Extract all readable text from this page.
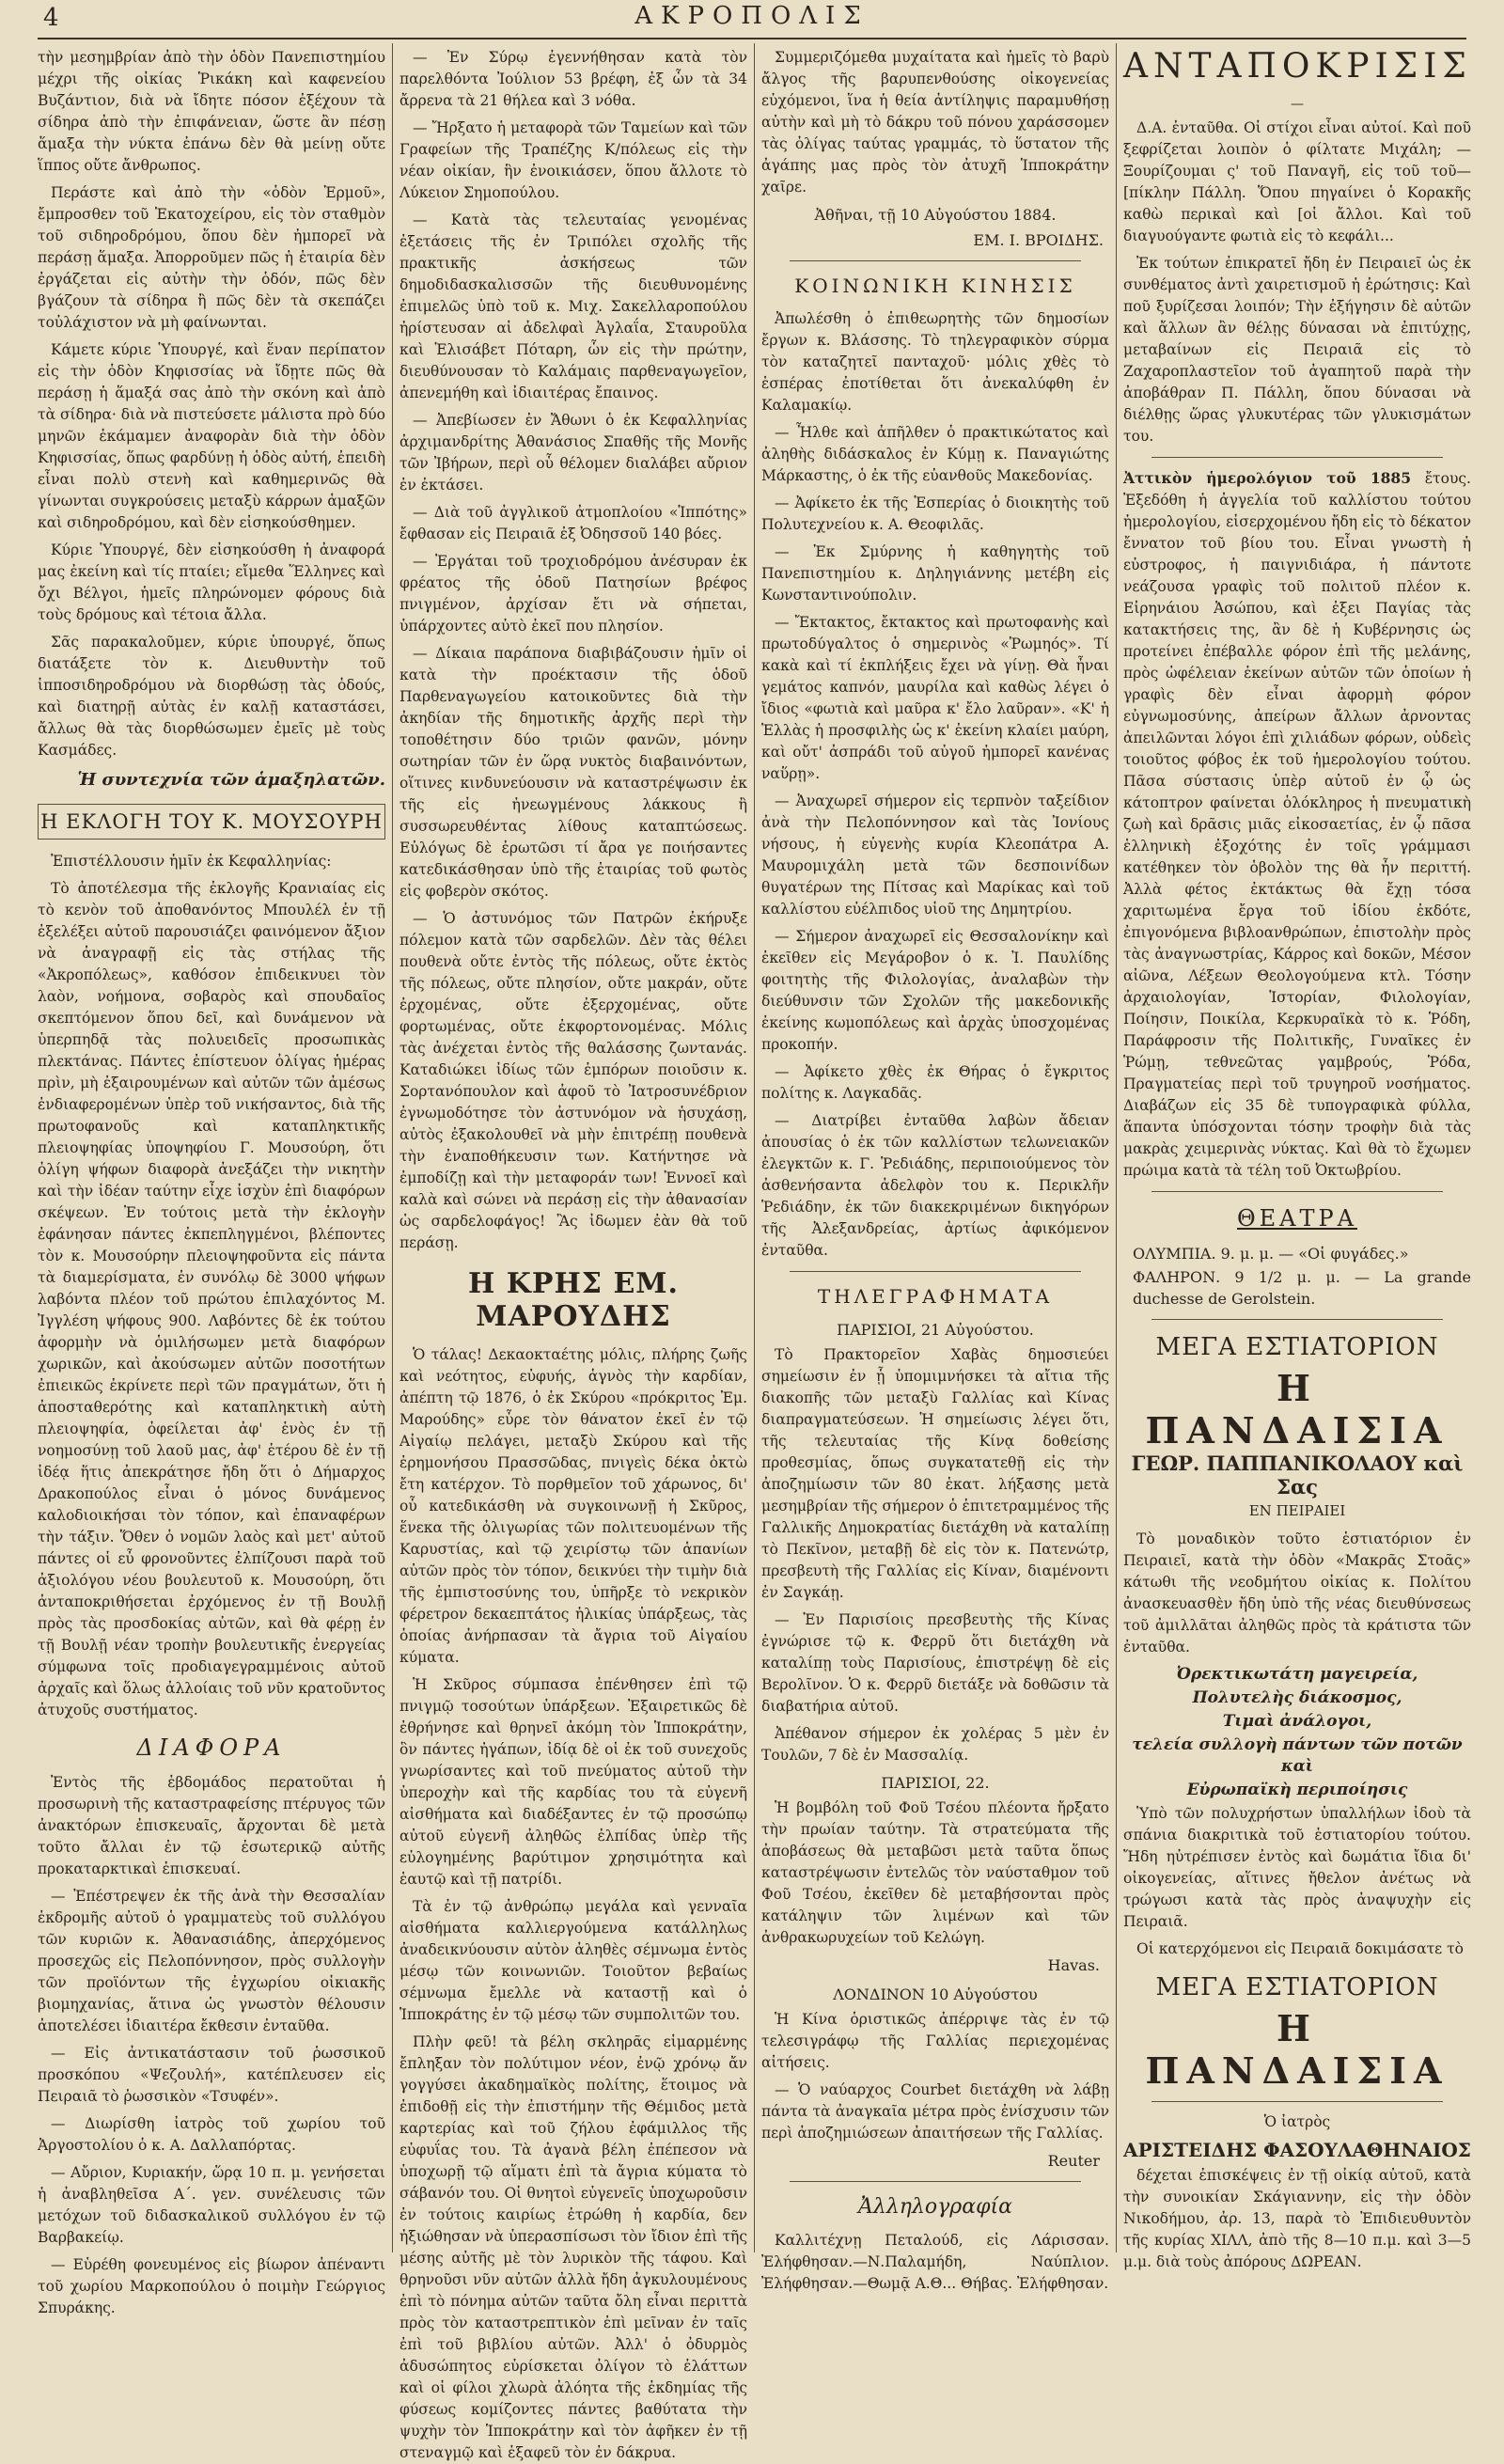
4	ΑΚΡΟΠΟΛΙΣ

τὴν μεσημβρίαν ἀπὸ τὴν ὁδὸν Πανεπιστημίου μέχρι τῆς οἰκίας Ῥικάκη καὶ καφενείου Βυζάντιον, διὰ νὰ ἴδητε πόσον ἐξέχουν τὰ σίδηρα ἀπὸ τὴν ἐπιφάνειαν, ὥστε ἂν πέσῃ ἅμαξα τὴν νύκτα ἐπάνω δὲν θὰ μείνῃ οὔτε ἵππος οὔτε ἄνθρωπος.

Περάστε καὶ ἀπὸ τὴν «ὁδὸν Ἑρμοῦ», ἔμπροσθεν τοῦ Ἑκατοχείρου, εἰς τὸν σταθμὸν τοῦ σιδηροδρόμου, ὅπου δὲν ἠμπορεῖ νὰ περάσῃ ἅμαξα. Ἀπορροῦμεν πῶς ἡ ἑταιρία δὲν ἐργάζεται εἰς αὐτὴν τὴν ὁδόν, πῶς δὲν βγάζουν τὰ σίδηρα ἢ πῶς δὲν τὰ σκεπάζει τοὐλάχιστον νὰ μὴ φαίνωνται.

Κάμετε κύριε Ὑπουργέ, καὶ ἕναν περίπατον εἰς τὴν ὁδὸν Κηφισσίας νὰ ἴδῃτε πῶς θὰ περάσῃ ἡ ἅμαξά σας ἀπὸ τὴν σκόνη καὶ ἀπὸ τὰ σίδηρα· διὰ νὰ πιστεύσετε μάλιστα πρὸ δύο μηνῶν ἐκάμαμεν ἀναφορὰν διὰ τὴν ὁδὸν Κηφισσίας, ὅπως φαρδύνῃ ἡ ὁδὸς αὐτή, ἐπειδὴ εἶναι πολὺ στενὴ καὶ καθημερινῶς θὰ γίνωνται συγκρούσεις μεταξὺ κάρρων ἁμαξῶν καὶ σιδηροδρόμου, καὶ δὲν εἰσηκούσθημεν.

Κύριε Ὑπουργέ, δὲν εἰσηκούσθη ἡ ἀναφορά μας ἐκείνη καὶ τίς πταίει; εἴμεθα Ἕλληνες καὶ ὄχι Βέλγοι, ἡμεῖς πληρώνομεν φόρους διὰ τοὺς δρόμους καὶ τέτοια ἄλλα.

Σᾶς παρακαλοῦμεν, κύριε ὑπουργέ, ὅπως διατάξετε τὸν κ. Διευθυντὴν τοῦ ἱπποσιδηροδρόμου νὰ διορθώσῃ τὰς ὁδούς, καὶ διατηρῇ αὐτὰς ἐν καλῇ καταστάσει, ἄλλως θὰ τὰς διορθώσωμεν ἐμεῖς μὲ τοὺς Κασμάδες.

Ἡ συντεχνία τῶν ἁμαξηλατῶν.

Η ΕΚΛΟΓΗ ΤΟΥ Κ. ΜΟΥΣΟΥΡΗ

Ἐπιστέλλουσιν ἡμῖν ἐκ Κεφαλληνίας:

Τὸ ἀποτέλεσμα τῆς ἐκλογῆς Κρανιαίας εἰς τὸ κενὸν τοῦ ἀποθανόντος Μπουλέλ ἐν τῇ ἐξελέξει αὐτοῦ παρουσιάζει φαινόμενον ἄξιον νὰ ἀναγραφῇ εἰς τὰς στήλας τῆς «Ἀκροπόλεως», καθόσον ἐπιδεικνυει τὸν λαὸν, νοήμονα, σοβαρὸς καὶ σπουδαῖος σκεπτόμενον ὅπου δεῖ, καὶ δυνάμενον νὰ ὑπερπηδᾷ τὰς πολυειδεῖς προσωπικὰς πλεκτάνας. Πάντες ἐπίστευον ὀλίγας ἡμέρας πρὶν, μὴ ἐξαιρουμένων καὶ αὐτῶν τῶν ἀμέσως ἐνδιαφερομένων ὑπὲρ τοῦ νικήσαντος, διὰ τῆς πρωτοφανοῦς καὶ καταπληκτικῆς πλειοψηφίας ὑποψηφίου Γ. Μουσούρη, ὅτι ὁλίγη ψήφων διαφορὰ ἀνεξάζει τὴν νικητὴν καὶ τὴν ἰδέαν ταύτην εἶχε ἰσχὺν ἐπὶ διαφόρων σκέψεων. Ἐν τούτοις μετὰ τὴν ἐκλογὴν ἐφάνησαν πάντες ἐκπεπληγμένοι, βλέποντες τὸν κ. Μουσούρην πλειοψηφοῦντα εἰς πάντα τὰ διαμερίσματα, ἐν συνόλῳ δὲ 3000 ψήφων λαβόντα πλέον τοῦ πρώτου ἐπιλαχόντος Μ. Ἰγγλέση ψήφους 900. Λαβόντες δὲ ἐκ τούτου ἀφορμὴν νὰ ὁμιλήσωμεν μετὰ διαφόρων χωρικῶν, καὶ ἀκούσωμεν αὐτῶν ποσοτήτων ἐπιεικῶς ἐκρίνετε περὶ τῶν πραγμάτων, ὅτι ἡ ἀποσταθερότης καὶ καταπληκτικὴ αὐτὴ πλειοψηφία, ὀφείλεται ἀφ' ἑνὸς ἐν τῇ νοημοσύνῃ τοῦ λαοῦ μας, ἀφ' ἑτέρου δὲ ἐν τῇ ἰδέᾳ ἥτις ἀπεκράτησε ἤδη ὅτι ὁ Δήμαρχος Δρακοπούλος εἶναι ὁ μόνος δυνάμενος καλοδιοικήσαι τὸν τόπον, καὶ ἐπαναφέρων τὴν τάξιν. Ὅθεν ὁ νομῶν λαὸς καὶ μετ' αὐτοῦ πάντες οἱ εὖ φρονοῦντες ἐλπίζουσι παρὰ τοῦ ἀξιολόγου νέου βουλευτοῦ κ. Μουσούρη, ὅτι ἀνταποκριθήσεται ἐρχόμενος ἐν τῇ Βουλῇ πρὸς τὰς προσδοκίας αὐτῶν, καὶ θὰ φέρῃ ἐν τῇ Βουλῇ νέαν τροπὴν βουλευτικῆς ἐνεργείας σύμφωνα τοῖς προδιαγεγραμμένοις αὐτοῦ ἀρχαῖς καὶ ὅλως ἀλλοίαις τοῦ νῦν κρατοῦντος ἀτυχοῦς συστήματος.

ΔΙΑΦΟΡΑ

Ἐντὸς τῆς ἑβδομάδος περατοῦται ἡ προσωρινὴ τῆς καταστραφείσης πτέρυγος τῶν ἀνακτόρων ἐπισκευαῖς, ἄρχονται δὲ μετὰ τοῦτο ἄλλαι ἐν τῷ ἐσωτερικῷ αὐτῆς προκαταρκτικαὶ ἐπισκευαί.

— Ἐπέστρεψεν ἐκ τῆς ἀνὰ τὴν Θεσσαλίαν ἐκδρομῆς αὐτοῦ ὁ γραμματεὺς τοῦ συλλόγου τῶν κυριῶν κ. Ἀθανασιάδης, ἀπερχόμενος προσεχῶς εἰς Πελοπόννησον, πρὸς συλλογὴν τῶν προϊόντων τῆς ἐγχωρίου οἰκιακῆς βιομηχανίας, ἅτινα ὡς γνωστὸν θέλουσιν ἀποτελέσει ἰδιαιτέρα ἔκθεσιν ἐνταῦθα.

— Εἰς ἀντικατάστασιν τοῦ ῥωσσικοῦ προσκόπου «Ψεζουλή», κατέπλευσεν εἰς Πειραιᾶ τὸ ῥωσσικὸν «Τσυφέν».

— Διωρίσθη ἰατρὸς τοῦ χωρίου τοῦ Ἀργοστολίου ὁ κ. Α. Δαλλαπόρτας.

— Αὔριον, Κυριακήν, ὥρᾳ 10 π. μ. γενήσεται ἡ ἀναβληθεῖσα Α΄. γεν. συνέλευσις τῶν μετόχων τοῦ διδασκαλικοῦ συλλόγου ἐν τῷ Βαρβακείῳ.

— Εὑρέθη φονευμένος εἰς βίωρον ἀπέναντι τοῦ χωρίου Μαρκοπούλου ὁ ποιμὴν Γεώργιος Σπυράκης.

— Ἐν Σύρῳ ἐγεννήθησαν κατὰ τὸν παρελθόντα Ἰούλιον 53 βρέφη, ἐξ ὧν τὰ 34 ἄρρενα τὰ 21 θήλεα καὶ 3 νόθα.

— Ἤρξατο ἡ μεταφορὰ τῶν Ταμείων καὶ τῶν Γραφείων τῆς Τραπέζης Κ/πόλεως εἰς τὴν νέαν οἰκίαν, ἣν ἐνοικιάσεν, ὅπου ἄλλοτε τὸ Λύκειον Σημοπούλου.

— Κατὰ τὰς τελευταίας γενομένας ἐξετάσεις τῆς ἐν Τριπόλει σχολῆς τῆς πρακτικῆς ἀσκήσεως τῶν δημοδιδασκαλισσῶν τῆς διευθυνομένης ἐπιμελῶς ὑπὸ τοῦ κ. Μιχ. Σακελλαροπούλου ἠρίστευσαν αἱ ἀδελφαὶ Ἀγλαΐα, Σταυροῦλα καὶ Ἐλισάβετ Πόταρη, ὧν εἰς τὴν πρώτην, διευθύνουσαν τὸ Καλάμαις παρθεναγωγεῖον, ἀπενεμήθη καὶ ἰδιαιτέρας ἔπαινος.

— Ἀπεβίωσεν ἐν Ἄθωνι ὁ ἐκ Κεφαλληνίας ἀρχιμανδρίτης Ἀθανάσιος Σπαθῆς τῆς Μονῆς τῶν Ἰβήρων, περὶ οὗ θέλομεν διαλάβει αὔριον ἐν ἐκτάσει.

— Διὰ τοῦ ἀγγλικοῦ ἀτμοπλοίου «Ἱππότης» ἔφθασαν εἰς Πειραιᾶ ἐξ Ὀδησσοῦ 140 βόες.

— Ἐργάται τοῦ τροχιοδρόμου ἀνέσυραν ἐκ φρέατος τῆς ὁδοῦ Πατησίων βρέφος πνιγμένον, ἀρχίσαν ἔτι νὰ σήπεται, ὑπάρχοντες αὐτὸ ἐκεῖ που πλησίον.

— Δίκαια παράπονα διαβιβάζουσιν ἡμῖν οἱ κατὰ τὴν προέκτασιν τῆς ὁδοῦ Παρθεναγωγείου κατοικοῦντες διὰ τὴν ἀκηδίαν τῆς δημοτικῆς ἀρχῆς περὶ τὴν τοποθέτησιν δύο τριῶν φανῶν, μόνην σωτηρίαν τῶν ἐν ὥρᾳ νυκτὸς διαβαινόντων, οἵτινες κινδυνεύουσιν νὰ καταστρέψωσιν ἐκ τῆς εἰς ἠνεωγμένους λάκκους ἢ συσσωρευθέντας λίθους καταπτώσεως. Εὐλόγως δὲ ἐρωτῶσι τί ἄρα γε ποιήσαντες κατεδικάσθησαν ὑπὸ τῆς ἑταιρίας τοῦ φωτὸς εἰς φοβερὸν σκότος.

— Ὁ ἀστυνόμος τῶν Πατρῶν ἐκήρυξε πόλεμον κατὰ τῶν σαρδελῶν. Δὲν τὰς θέλει πουθενὰ οὔτε ἐντὸς τῆς πόλεως, οὔτε ἐκτὸς τῆς πόλεως, οὔτε πλησίον, οὔτε μακράν, οὔτε ἐρχομένας, οὔτε ἐξερχομένας, οὔτε φορτωμένας, οὔτε ἐκφορτονομένας. Μόλις τὰς ἀνέχεται ἐντὸς τῆς θαλάσσης ζωντανάς. Καταδιώκει ἰδίως τῶν ἐμπόρων ποιοῦσιν κ. Σορτανόπουλον καὶ ἀφοῦ τὸ Ἰατροσυνέδριον ἐγνωμοδότησε τὸν ἀστυνόμον νὰ ἡσυχάσῃ, αὐτὸς ἐξακολουθεῖ νὰ μὴν ἐπιτρέπῃ πουθενὰ τὴν ἐναποθήκευσιν των. Κατήντησε νὰ ἐμποδίζῃ καὶ τὴν μεταφοράν των! Ἐννοεῖ καὶ καλὰ καὶ σώνει νὰ περάσῃ εἰς τὴν ἀθανασίαν ὡς σαρδελοφάγος! Ἂς ἰδωμεν ἐὰν θὰ τοῦ περάσῃ.

Η ΚΡΗΣ ΕΜ. ΜΑΡΟΥΔΗΣ

Ὁ τάλας! Δεκαοκταέτης μόλις, πλήρης ζωῆς καὶ νεότητος, εὐφυής, ἁγνὸς τὴν καρδίαν, ἀπέπτη τῷ 1876, ὁ ἐκ Σκύρου «πρόκριτος Ἐμ. Μαρούδης» εὗρε τὸν θάνατον ἐκεῖ ἐν τῷ Αἰγαίῳ πελάγει, μεταξὺ Σκύρου καὶ τῆς ἐρημονήσου Πρασσῶδας, πνιγεὶς δέκα ὀκτὼ ἔτη κατέρχον. Τὸ πορθμεῖον τοῦ χάρωνος, δι' οὗ κατεδικάσθη νὰ συγκοινωνῇ ἡ Σκῦρος, ἕνεκα τῆς ὀλιγωρίας τῶν πολιτευομένων τῆς Καρυστίας, καὶ τῷ χειρίστῳ τῶν ἁπανίων αὐτῶν πρὸς τὸν τόπον, δεικνύει τὴν τιμὴν διὰ τῆς ἐμπιστοσύνης του, ὑπῆρξε τὸ νεκρικὸν φέρετρον δεκαεπτάτος ἡλικίας ὑπάρξεως, τὰς ὁποίας ἀνήρπασαν τὰ ἄγρια τοῦ Αἰγαίου κύματα.

Ἡ Σκῦρος σύμπασα ἐπένθησεν ἐπὶ τῷ πνιγμῷ τοσούτων ὑπάρξεων. Ἐξαιρετικῶς δὲ ἐθρήνησε καὶ θρηνεῖ ἀκόμη τὸν Ἱπποκράτην, ὃν πάντες ἠγάπων, ἰδίᾳ δὲ οἱ ἐκ τοῦ συνεχοῦς γνωρίσαντες καὶ τοῦ πνεύματος αὐτοῦ τὴν ὑπεροχὴν καὶ τῆς καρδίας του τὰ εὐγενῆ αἰσθήματα καὶ διαδέξαντες ἐν τῷ προσώπῳ αὐτοῦ εὐγενῆ ἀληθῶς ἐλπίδας ὑπὲρ τῆς εὐλογημένης βαρύτιμον χρησιμότητα καὶ ἑαυτῷ καὶ τῇ πατρίδι.

Τὰ ἐν τῷ ἀνθρώπῳ μεγάλα καὶ γενναῖα αἰσθήματα καλλιεργούμενα κατάλληλως ἀναδεικνύουσιν αὐτὸν ἀληθὲς σέμνωμα ἐντὸς μέσῳ τῶν κοινωνιῶν. Τοιοῦτον βεβαίως σέμνωμα ἔμελλε νὰ καταστῇ καὶ ὁ Ἱπποκράτης ἐν τῷ μέσῳ τῶν συμπολιτῶν του.

Πλὴν φεῦ! τὰ βέλη σκληρᾶς εἱμαρμένης ἔπληξαν τὸν πολύτιμον νέον, ἐνῷ χρόνῳ ἄν γογγύσει ἀκαδημαϊκὸς πολίτης, ἕτοιμος νὰ ἐπιδοθῇ εἰς τὴν ἐπιστήμην τῆς Θέμιδος μετὰ καρτερίας καὶ τοῦ ζήλου ἐφάμιλλος τῆς εὐφυΐας του. Τὰ ἀγανὰ βέλη ἐπέπεσον νὰ ὑποχωρῇ τῷ αἵματι ἐπὶ τὰ ἄγρια κύματα τὸ σάβανόν του. Οἱ θνητοὶ εὐγενεῖς ὑποχωροῦσιν ἐν τούτοις καιρίως ἐτρώθη ἡ καρδία, δεν ἠξιώθησαν νὰ ὑπερασπίσωσι τὸν ἴδιον ἐπὶ τῆς μέσης αὐτῆς μὲ τὸν λυρικὸν τῆς τάφου. Καὶ θρηνοῦσι νῦν αὐτῶν ἀλλὰ ἤδη ἀγκυλουμένους ἐπὶ τὸ πόνημα αὐτῶν ταῦτα ὄλη εἶναι περιττὰ πρὸς τὸν καταστρεπτικὸν ἐπὶ μεῖναν ἐν ταῖς ἐπὶ τοῦ βιβλίου αὐτῶν. Ἀλλ' ὁ ὀδυρμὸς ἀδυσώπητος εὑρίσκεται ὀλίγον τὸ ἐλάττων καὶ οἱ φίλοι χλωρὰ ἀλόητα τῆς ἐκδημίας τῆς φύσεως κομίζοντες πάντες βαθύτατα τὴν ψυχὴν τὸν Ἱπποκράτην καὶ τὸν ἀφῆκεν ἐν τῇ στεναγμῷ καὶ ἐξαφεῦ τὸν ἐν δάκρυα.

Συμμεριζόμεθα μυχαίτατα καὶ ἡμεῖς τὸ βαρὺ ἄλγος τῆς βαρυπενθούσης οἰκογενείας εὐχόμενοι, ἵνα ἡ θεία ἀντίληψις παραμυθήσῃ αὐτὴν καὶ μὴ τὸ δάκρυ τοῦ πόνου χαράσσομεν τὰς ὀλίγας ταύτας γραμμάς, τὸ ὕστατον τῆς ἀγάπης μας πρὸς τὸν ἀτυχῆ Ἱπποκράτην χαῖρε.

Ἀθῆναι, τῇ 10 Αὐγούστου 1884.

ΕΜ. Ι. ΒΡΟΙΔΗΣ.

ΚΟΙΝΩΝΙΚΗ ΚΙΝΗΣΙΣ

Ἀπωλέσθη ὁ ἐπιθεωρητὴς τῶν δημοσίων ἔργων κ. Βλάσσης. Τὸ τηλεγραφικὸν σύρμα τὸν καταζητεῖ πανταχοῦ· μόλις χθὲς τὸ ἑσπέρας ἐποτίθεται ὅτι ἀνεκαλύφθη ἐν Καλαμακίῳ.

— Ἦλθε καὶ ἀπῆλθεν ὁ πρακτικώτατος καὶ ἀληθὴς διδάσκαλος ἐν Κύμῃ κ. Παναγιώτης Μάρκαστης, ὁ ἐκ τῆς εὐανθοῦς Μακεδονίας.

— Ἀφίκετο ἐκ τῆς Ἑσπερίας ὁ διοικητὴς τοῦ Πολυτεχνείου κ. Α. Θεοφιλᾶς.

— Ἐκ Σμύρνης ἡ καθηγητὴς τοῦ Πανεπιστημίου κ. Δηληγιάννης μετέβη εἰς Κωνσταντινούπολιν.

— Ἔκτακτος, ἔκτακτος καὶ πρωτοφανὴς καὶ πρωτοδύγαλτος ὁ σημερινὸς «Ῥωμηός». Τί κακὰ καὶ τί ἐκπλήξεις ἔχει νὰ γίνῃ. Θὰ ἦναι γεμάτος καπνόν, μαυρίλα καὶ καθὼς λέγει ὁ ἴδιος «φωτιὰ καὶ μαῦρα κ' ἔλο λαῦραν». «Κ' ἡ Ἑλλὰς ἡ προσφιλὴς ὡς κ' ἐκείνη κλαίει μαύρη, καὶ οὔτ' ἀσπράδι τοῦ αὐγοῦ ἠμπορεῖ κανένας ναὕρῃ».

— Ἀναχωρεῖ σήμερον εἰς τερπνὸν ταξείδιον ἀνὰ τὴν Πελοπόννησον καὶ τὰς Ἰονίους νήσους, ἡ εὐγενὴς κυρία Κλεοπάτρα Α. Μαυρομιχάλη μετὰ τῶν δεσποινίδων θυγατέρων της Πίτσας καὶ Μαρίκας καὶ τοῦ καλλίστου εὐέλπιδος υἱοῦ της Δημητρίου.

— Σήμερον ἀναχωρεῖ εἰς Θεσσαλονίκην καὶ ἐκεῖθεν εἰς Μεγάροβον ὁ κ. Ἰ. Παυλίδης φοιτητὴς τῆς Φιλολογίας, ἀναλαβὼν τὴν διεύθυνσιν τῶν Σχολῶν τῆς μακεδονικῆς ἐκείνης κωμοπόλεως καὶ ἀρχὰς ὑποσχομένας προκοπήν.

— Ἀφίκετο χθὲς ἐκ Θήρας ὁ ἔγκριτος πολίτης κ. Λαγκαδᾶς.

— Διατρίβει ἐνταῦθα λαβὼν ἄδειαν ἀπουσίας ὁ ἐκ τῶν καλλίστων τελωνειακῶν ἐλεγκτῶν κ. Γ. Ῥεδιάδης, περιποιούμενος τὸν ἀσθενήσαντα ἀδελφὸν του κ. Περικλῆν Ῥεδιάδην, ἐκ τῶν διακεκριμένων δικηγόρων τῆς Ἀλεξανδρείας, ἀρτίως ἀφικόμενον ἐνταῦθα.

ΤΗΛΕΓΡΑΦΗΜΑΤΑ

ΠΑΡΙΣΙΟΙ, 21 Αὐγούστου.

Τὸ Πρακτορεῖον Χαβὰς δημοσιεύει σημείωσιν ἐν ᾗ ὑπομιμνήσκει τὰ αἴτια τῆς διακοπῆς τῶν μεταξὺ Γαλλίας καὶ Κίνας διαπραγματεύσεων. Ἡ σημείωσις λέγει ὅτι, τῆς τελευταίας τῆς Κίνᾳ δοθείσης προθεσμίας, ὅπως συγκατατεθῇ εἰς τὴν ἀποζημίωσιν τῶν 80 ἑκατ. λήξασης μετὰ μεσημβρίαν τῆς σήμερον ὁ ἐπιτετραμμένος τῆς Γαλλικῆς Δημοκρατίας διετάχθη νὰ καταλίπῃ τὸ Πεκῖνον, μεταβῇ δὲ εἰς τὸν κ. Πατενώτρ, πρεσβευτὴ τῆς Γαλλίας εἰς Κίναν, διαμένοντι ἐν Σαγκάῃ.

— Ἐν Παρισίοις πρεσβευτὴς τῆς Κίνας ἐγνώρισε τῷ κ. Φερρῦ ὅτι διετάχθη νὰ καταλίπῃ τοὺς Παρισίους, ἐπιστρέψῃ δὲ εἰς Βερολῖνον. Ὁ κ. Φερρῦ διετάξε νὰ δοθῶσιν τὰ διαβατήρια αὐτοῦ.

Ἀπέθανον σήμερον ἐκ χολέρας 5 μὲν ἐν Τουλῶν, 7 δὲ ἐν Μασσαλίᾳ.

ΠΑΡΙΣΙΟΙ, 22.

Ἡ βομβόλη τοῦ Φοῦ Τσέου πλέοντα ἤρξατο τὴν πρωίαν ταύτην. Τὰ στρατεύματα τῆς ἀποβάσεως θὰ μεταβῶσι μετὰ ταῦτα ὅπως καταστρέψωσιν ἐντελῶς τὸν ναύσταθμον τοῦ Φοῦ Τσέου, ἐκεῖθεν δὲ μεταβήσονται πρὸς κατάληψιν τῶν λιμένων καὶ τῶν ἀνθρακωρυχείων τοῦ Κελώγη.

Havas.

ΛΟΝΔΙΝΟΝ 10 Αὐγούστου

Ἡ Κίνα ὁριστικῶς ἀπέρριψε τὰς ἐν τῷ τελεσιγράφῳ τῆς Γαλλίας περιεχομένας αἰτήσεις.

— Ὁ ναύαρχος Courbet διετάχθη νὰ λάβῃ πάντα τὰ ἀναγκαῖα μέτρα πρὸς ἐνίσχυσιν τῶν περὶ ἀποζημιώσεων ἀπαιτήσεων τῆς Γαλλίας.

Reuter

Ἀλληλογραφία

Καλλιτέχνῃ Πεταλούδ, εἰς Λάρισσαν. Ἐλήφθησαν.—Ν.Παλαμήδη, Ναύπλιον. Ἐλήφθησαν.—Θωμᾷ Α.Θ... Θήβας. Ἐλήφθησαν.

ΑΝΤΑΠΟΚΡΙΣΙΣ
—

Δ.Α. ἐνταῦθα. Οἱ στίχοι εἶναι αὐτοί. Καὶ ποῦ ξεφρίζεται λοιπὸν ὁ φίλτατε Μιχάλη; —Ξουρίζουμαι ς' τοῦ Παναγῆ, εἰς τοῦ τοῦ— [πίκλην Πάλλη. Ὅπου πηγαίνει ὁ Κορακῆς καθὼ περικαὶ καὶ [οἱ ἄλλοι. Καὶ τοῦ διαγυούγαντε φωτιὰ εἰς τὸ κεφάλι...

Ἐκ τούτων ἐπικρατεῖ ἤδη ἐν Πειραιεῖ ὡς ἐκ συνθέματος ἀντὶ χαιρετισμοῦ ἡ ἐρώτησις: Καὶ ποῦ ξυρίζεσαι λοιπόν; Τὴν ἐξήγησιν δὲ αὐτῶν καὶ ἄλλων ἂν θέλῃς δύνασαι νὰ ἐπιτύχῃς, μεταβαίνων εἰς Πειραιᾶ εἰς τὸ Ζαχαροπλαστεῖον τοῦ ἀγαπητοῦ παρὰ τὴν ἀποβάθραν Π. Πάλλη, ὅπου δύνασαι νὰ διέλθῃς ὥρας γλυκυτέρας τῶν γλυκισμάτων του.

Ἀττικὸν ἡμερολόγιον τοῦ 1885 ἔτους. Ἐξεδόθη ἡ ἀγγελία τοῦ καλλίστου τούτου ἡμερολογίου, εἰσερχομένου ἤδη εἰς τὸ δέκατον ἔννατον τοῦ βίου του. Εἶναι γνωστὴ ἡ εὐστροφος, ἡ παιγνιδιάρα, ἡ πάντοτε νεάζουσα γραφὶς τοῦ πολιτοῦ πλέον κ. Εἰρηνάιου Ἀσώπου, καὶ ἐξει Παγίας τὰς κατακτήσεις της, ἂν δὲ ἡ Κυβέρνησις ὡς προτείνει ἐπέβαλλε φόρον ἐπὶ τῆς μελάνης, πρὸς ὠφέλειαν ἐκείνων αὐτῶν τῶν ὁποίων ἡ γραφὶς δὲν εἶναι ἀφορμὴ φόρον εὐγνωμοσύνης, ἀπείρων ἄλλων ἀρνοντας ἀπειλῶνται λόγοι ἐπὶ χιλιάδων φόρων, οὐδεὶς τοιοῦτος φόβος ἐκ τοῦ ἡμερολογίου τούτου. Πᾶσα σύστασις ὑπὲρ αὐτοῦ ἐν ᾧ ὡς κάτοπτρον φαίνεται ὁλόκληρος ἡ πνευματικὴ ζωὴ καὶ δρᾶσις μιᾶς εἰκοσαετίας, ἐν ᾧ πᾶσα ἑλληνικὴ ἐξοχότης ἐν τοῖς γράμμασι κατέθηκεν τὸν ὁβολὸν της θὰ ἦν περιττή. Ἀλλὰ φέτος ἐκτάκτως θὰ ἔχῃ τόσα χαριτωμένα ἔργα τοῦ ἰδίου ἐκδότε, ἐπιγονόμενα βιβλοανθρώπων, ἐπιστολὴν πρὸς τὰς ἀναγνωστρίας, Κάρρος καὶ δοκῶν, Μέσον αἰῶνα, Λέξεων Θεολογούμενα κτλ. Τόσην ἀρχαιολογίαν, Ἱστορίαν, Φιλολογίαν, Ποίησιν, Ποικίλα, Κερκυραϊκὰ τὸ κ. Ῥόδη, Παράφροσιν τῆς Πολιτικῆς, Γυναῖκες ἐν Ῥώμῃ, τεθνεῶτας γαμβρούς, Ῥόδα, Πραγματείας περὶ τοῦ τρυγηροῦ νοσήματος. Διαβάζων εἰς 35 δὲ τυπογραφικὰ φύλλα, ἅπαντα ὑπόσχονται τόσην τροφὴν διὰ τὰς μακρὰς χειμερινὰς νύκτας. Καὶ θὰ τὸ ἔχωμεν πρώιμα κατὰ τὰ τέλη τοῦ Ὀκτωβρίου.

ΘΕΑΤΡΑ

ΟΛΥΜΠΙΑ. 9. μ. μ. — «Οἱ φυγάδες.»

ΦΑΛΗΡΟΝ. 9 1/2 μ. μ. — La grande duchesse de Gerolstein.

ΜΕΓΑ ΕΣΤΙΑΤΟΡΙΟΝ
Η ΠΑΝΔΑΙΣΙΑ
ΓΕΩΡ. ΠΑΠΠΑΝΙΚΟΛΑΟΥ καὶ Σας
ΕΝ ΠΕΙΡΑΙΕΙ

Τὸ μοναδικὸν τοῦτο ἑστιατόριον ἐν Πειραιεῖ, κατὰ τὴν ὁδὸν «Μακρᾶς Στοᾶς» κάτωθι τῆς νεοδμήτου οἰκίας κ. Πολίτου ἀνασκευασθὲν ἤδη ὑπὸ τῆς νέας διευθύνσεως τοῦ ἀμιλλᾶται ἀληθῶς πρὸς τὰ κράτιστα τῶν ἐνταῦθα.

Ὀρεκτικωτάτη μαγειρεία,

Πολυτελὴς διάκοσμος,

Τιμαὶ ἀνάλογοι,

τελεία συλλογὴ πάντων τῶν ποτῶν καὶ

Εὐρωπαϊκὴ περιποίησις

Ὑπὸ τῶν πολυχρήστων ὑπαλλήλων ἰδοὺ τὰ σπάνια διακριτικὰ τοῦ ἑστιατορίου τούτου. Ἤδη ηὐτρέπισεν ἐντὸς καὶ δωμάτια ἴδια δι' οἰκογενείας, αἵτινες ἤθελον ἀνέτως νὰ τρώγωσι κατὰ τὰς πρὸς ἀναψυχὴν εἰς Πειραιᾶ.

Οἱ κατερχόμενοι εἰς Πειραιᾶ δοκιμάσατε τὸ

ΜΕΓΑ ΕΣΤΙΑΤΟΡΙΟΝ
Η ΠΑΝΔΑΙΣΙΑ

Ὁ ἰατρὸς

ΑΡΙΣΤΕΙΔΗΣ ΦΑΣΟΥΛΑΘΗΝΑΙΟΣ

δέχεται ἐπισκέψεις ἐν τῇ οἰκίᾳ αὐτοῦ, κατὰ τὴν συνοικίαν Σκάγιαννην, εἰς τὴν ὁδὸν Νικοδήμου, ἀρ. 13, παρὰ τὸ Ἐπιδιευθυντὸν τῆς κυρίας ΧΙΛΛ, ἀπὸ τῆς 8—10 π.μ. καὶ 3—5 μ.μ. διὰ τοὺς ἀπόρους ΔΩΡΕΑΝ.
